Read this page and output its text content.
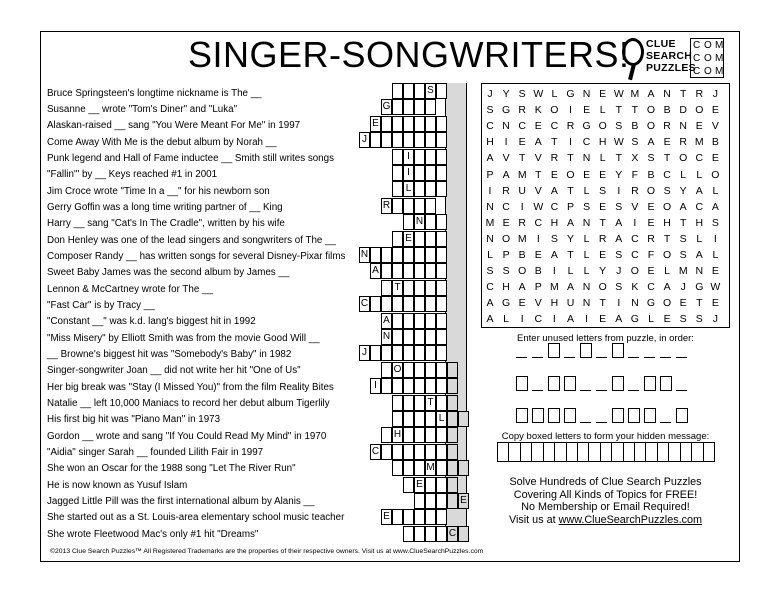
SINGER-SONGWRITERS! CLUE
SEARCH
PUZZLES
C O M
C O M
C O M
Bruce Springsteen's longtime nickname is The __
Susanne __ wrote "Tom's Diner" and "Luka"
Alaskan-raised __ sang "You Were Meant For Me" in 1997
Come Away With Me is the debut album by Norah __
Punk legend and Hall of Fame inductee __ Smith still writes songs
"Fallin'" by __ Keys reached #1 in 2001
Jim Croce wrote "Time In a __" for his newborn son
Gerry Goffin was a long time writing partner of __ King
Harry __ sang "Cat's In The Cradle", written by his wife
Don Henley was one of the lead singers and songwriters of The __
Composer Randy __ has written songs for several Disney-Pixar films
Sweet Baby James was the second album by James __
Lennon & McCartney wrote for The __
"Fast Car" is by Tracy __
"Constant __" was k.d. lang's biggest hit in 1992
"Miss Misery" by Elliott Smith was from the movie Good Will __
__ Browne's biggest hit was "Somebody's Baby" in 1982
Singer-songwriter Joan __ did not write her hit "One of Us"
Her big break was "Stay (I Missed You)" from the film Reality Bites
Natalie __ left 10,000 Maniacs to record her debut album Tigerlily
His first big hit was "Piano Man" in 1973
Gordon __ wrote and sang "If You Could Read My Mind" in 1970
"Aidia" singer Sarah __ founded Lilith Fair in 1997
She won an Oscar for the 1988 song "Let The River Run"
He is now known as Yusuf Islam
Jagged Little Pill was the first international album by Alanis __
She started out as a St. Louis-area elementary school music teacher
She wrote Fleetwood Mac's only #1 hit "Dreams"
S
G
E
J
I
I
L
R
N
E
N
A
T
C
A
N
J
O
I
T
L
H
C
M
E
E
E
C
J Y S W L G N E W M A N T R J
S G R K O	I	E L T T O B D O E
C N C E C R G O S B O R N E V
H	I	E A T	I	C H W S A E R M B
A V T V R T N L T X S T O C E
P A M T E O E E Y F B C L L O
I	R U V A T L S	I	R O S Y A L
N C	I W C P S E S V E O A C A
M E R C H A N T A	I	E H T H S
N O M I	S Y L R A C R T S L	I
L P B E A T L E S C F O S A L
S S O B	I	L L Y J O E L M N E
C H A P M A N O S K C A J G W
A G E V H U N T	I	N G O E T E
A L	I	C	I	A	I	E A G L E S S J
Enter unused letters from puzzle, in order:
Copy boxed letters to form your hidden message:
Solve Hundreds of Clue Search Puzzles
Covering All Kinds of Topics for FREE!
No Membership or Email Required!
Visit us at www.ClueSearchPuzzles.com
©2013 Clue Search Puzzles™ All Registered Trademarks are the properties of their respective owners. Visit us at www.ClueSearchPuzzles.com
